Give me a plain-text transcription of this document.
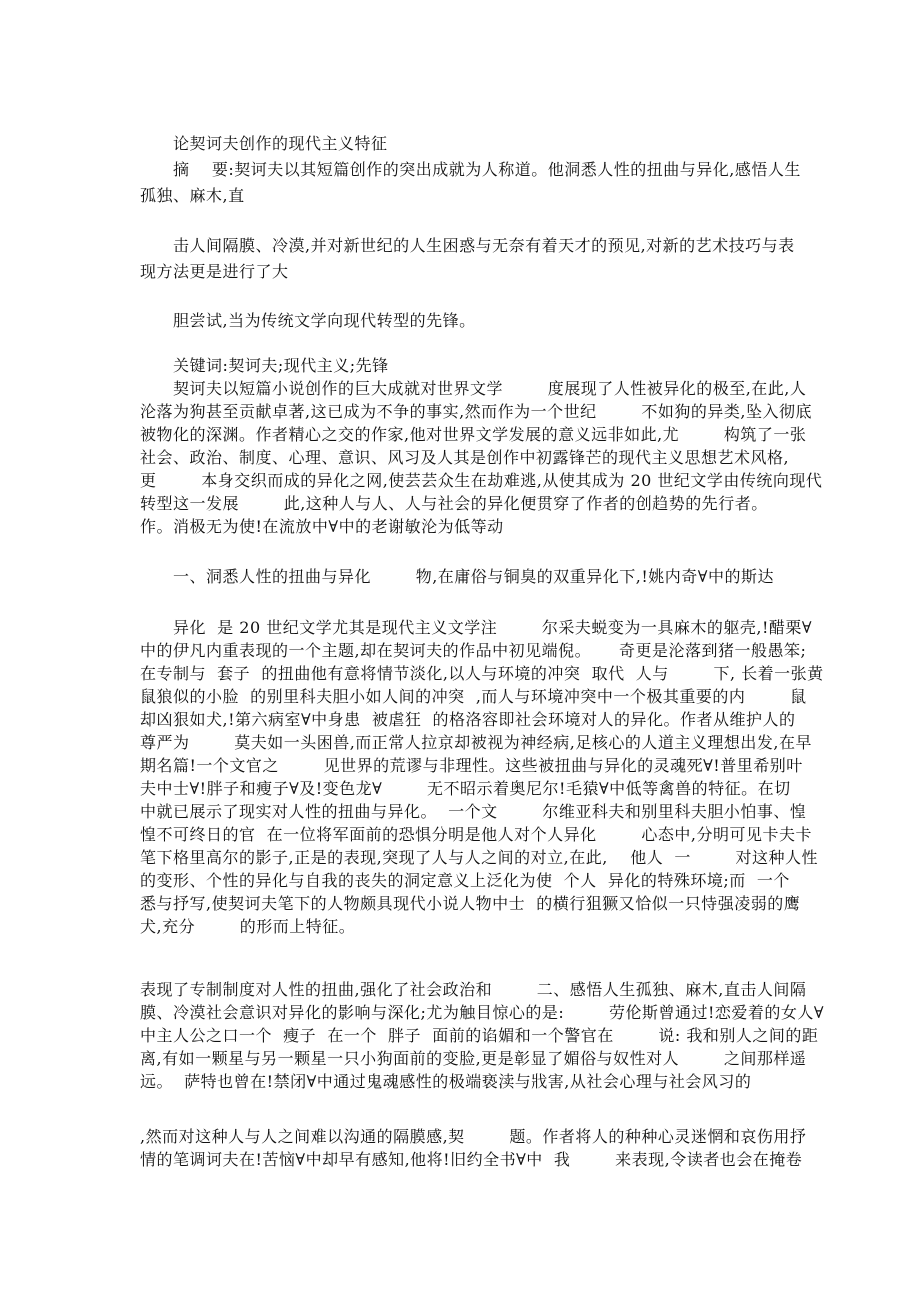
论契诃夫创作的现代主义特征
摘    要:契诃夫以其短篇创作的突出成就为人称道。他洞悉人性的扭曲与异化,感悟人生
孤独、麻木,直
击人间隔膜、冷漠,并对新世纪的人生困惑与无奈有着天才的预见,对新的艺术技巧与表
现方法更是进行了大
胆尝试,当为传统文学向现代转型的先锋。
关键词:契诃夫;现代主义;先锋
契诃夫以短篇小说创作的巨大成就对世界文学        度展现了人性被异化的极至,在此,人
沦落为狗甚至贡献卓著,这已成为不争的事实,然而作为一个世纪        不如狗的异类,坠入彻底
被物化的深渊。作者精心之交的作家,他对世界文学发展的意义远非如此,尤        构筑了一张
社会、政治、制度、心理、意识、风习及人其是创作中初露锋芒的现代主义思想艺术风格,
更        本身交织而成的异化之网,使芸芸众生在劫难逃,从使其成为 20 世纪文学由传统向现代
转型这一发展        此,这种人与人、人与社会的异化便贯穿了作者的创趋势的先行者。
作。消极无为使!在流放中∀中的老谢敏沦为低等动
一、洞悉人性的扭曲与异化        物,在庸俗与铜臭的双重异化下,!姚内奇∀中的斯达
异化  是 20 世纪文学尤其是现代主义文学注        尔采夫蜕变为一具麻木的躯壳,!醋栗∀
中的伊凡内重表现的一个主题,却在契诃夫的作品中初见端倪。     奇更是沦落到猪一般愚笨;
在专制与  套子  的扭曲他有意将情节淡化,以人与环境的冲突  取代  人与        下, 长着一张黄
鼠狼似的小脸  的别里科夫胆小如人间的冲突  ,而人与环境冲突中一个极其重要的内        鼠
却凶狠如犬,!第六病室∀中身患  被虐狂  的格洛容即社会环境对人的异化。作者从维护人的
尊严为        莫夫如一头困兽,而正常人拉京却被视为神经病,足核心的人道主义理想出发,在早
期名篇!一个文官之        见世界的荒谬与非理性。这些被扭曲与异化的灵魂死∀!普里希别叶
夫中士∀!胖子和瘦子∀及!变色龙∀        无不昭示着奥尼尔!毛猿∀中低等禽兽的特征。在切
中就已展示了现实对人性的扭曲与异化。  一个文        尔维亚科夫和别里科夫胆小怕事、惶
惶不可终日的官  在一位将军面前的恐惧分明是他人对个人异化        心态中,分明可见卡夫卡
笔下格里高尔的影子,正是的表现,突现了人与人之间的对立,在此,    他人  一        对这种人性
的变形、个性的异化与自我的丧失的洞定意义上泛化为使  个人  异化的特殊环境;而  一个
悉与抒写,使契诃夫笔下的人物颇具现代小说人物中士  的横行狙獗又恰似一只恃强凌弱的鹰
犬,充分        的形而上特征。
表现了专制制度对人性的扭曲,强化了社会政治和        二、感悟人生孤独、麻木,直击人间隔
膜、冷漠社会意识对异化的影响与深化;尤为触目惊心的是:        劳伦斯曾通过!恋爱着的女人∀
中主人公之口一个  瘦子  在一个  胖子  面前的谄媚和一个警官在        说: 我和别人之间的距
离,有如一颗星与另一颗星一只小狗面前的变脸,更是彰显了媚俗与奴性对人        之间那样遥
远。  萨特也曾在!禁闭∀中通过鬼魂感性的极端亵渎与戕害,从社会心理与社会风习的
,然而对这种人与人之间难以沟通的隔膜感,契        题。作者将人的种种心灵迷惘和哀伤用抒
情的笔调诃夫在!苦恼∀中却早有感知,他将!旧约全书∀中  我        来表现,令读者也会在掩卷
